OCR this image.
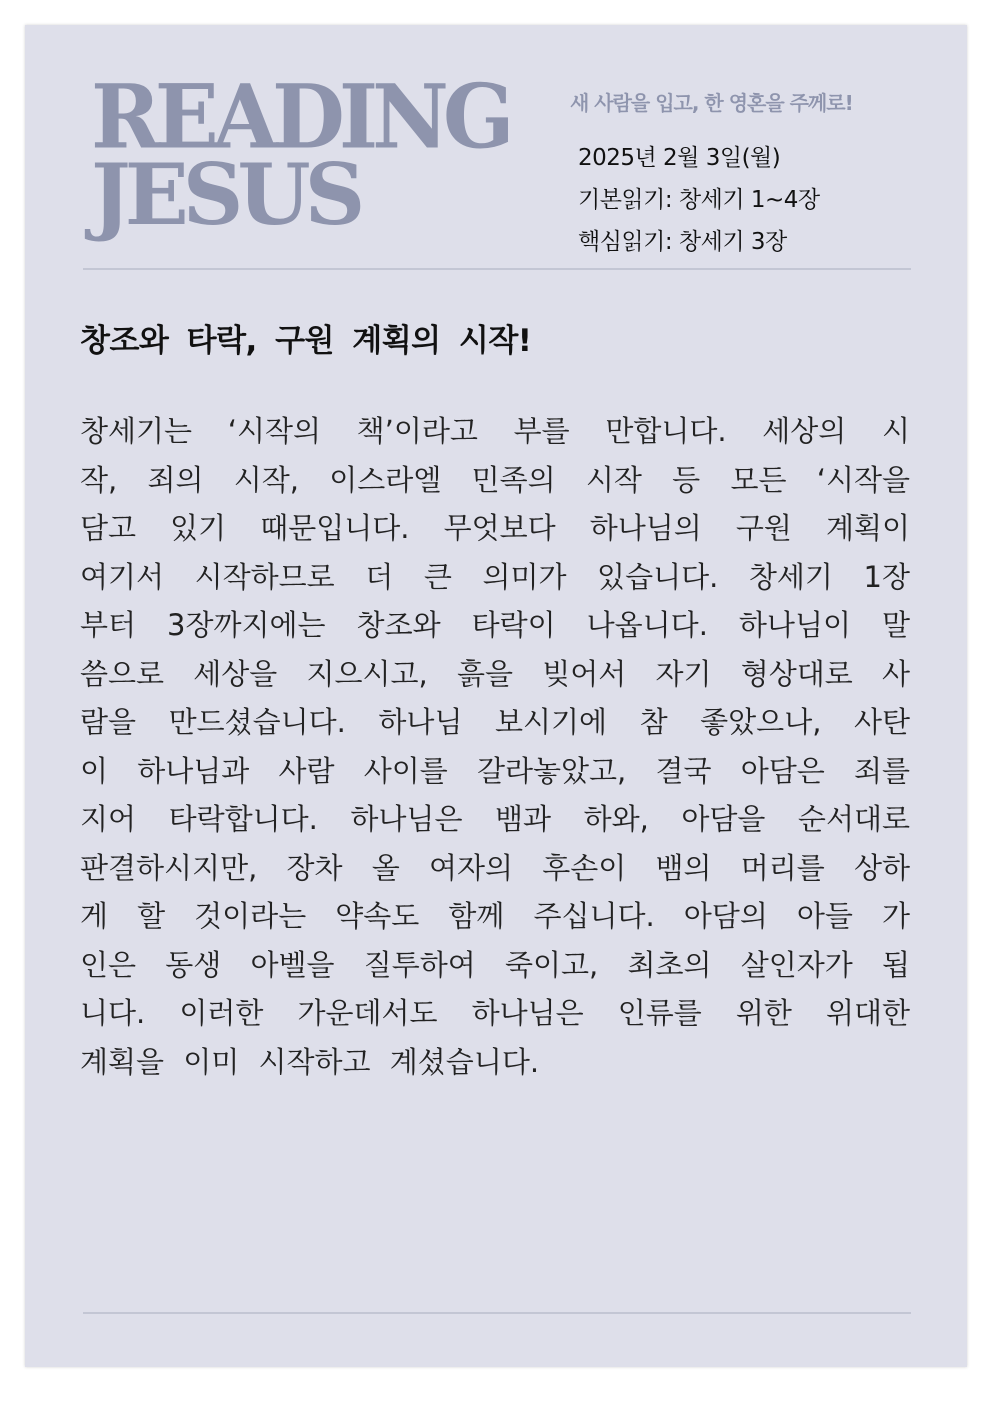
READING
JESUS
새 사람을 입고, 한 영혼을 주께로!
2025년 2월 3일(월)
기본읽기: 창세기 1~4장
핵심읽기: 창세기 3장
창조와 타락, 구원 계획의 시작!
창세기는 ‘시작의 책’이라고 부를 만합니다. 세상의 시
작, 죄의 시작, 이스라엘 민족의 시작 등 모든 ‘시작을
담고 있기 때문입니다. 무엇보다 하나님의 구원 계획이
여기서 시작하므로 더 큰 의미가 있습니다. 창세기 1장
부터 3장까지에는 창조와 타락이 나옵니다. 하나님이 말
씀으로 세상을 지으시고, 흙을 빚어서 자기 형상대로 사
람을 만드셨습니다. 하나님 보시기에 참 좋았으나, 사탄
이 하나님과 사람 사이를 갈라놓았고, 결국 아담은 죄를
지어 타락합니다. 하나님은 뱀과 하와, 아담을 순서대로
판결하시지만, 장차 올 여자의 후손이 뱀의 머리를 상하
게 할 것이라는 약속도 함께 주십니다. 아담의 아들 가
인은 동생 아벨을 질투하여 죽이고, 최초의 살인자가 됩
니다. 이러한 가운데서도 하나님은 인류를 위한 위대한
계획을 이미 시작하고 계셨습니다.
